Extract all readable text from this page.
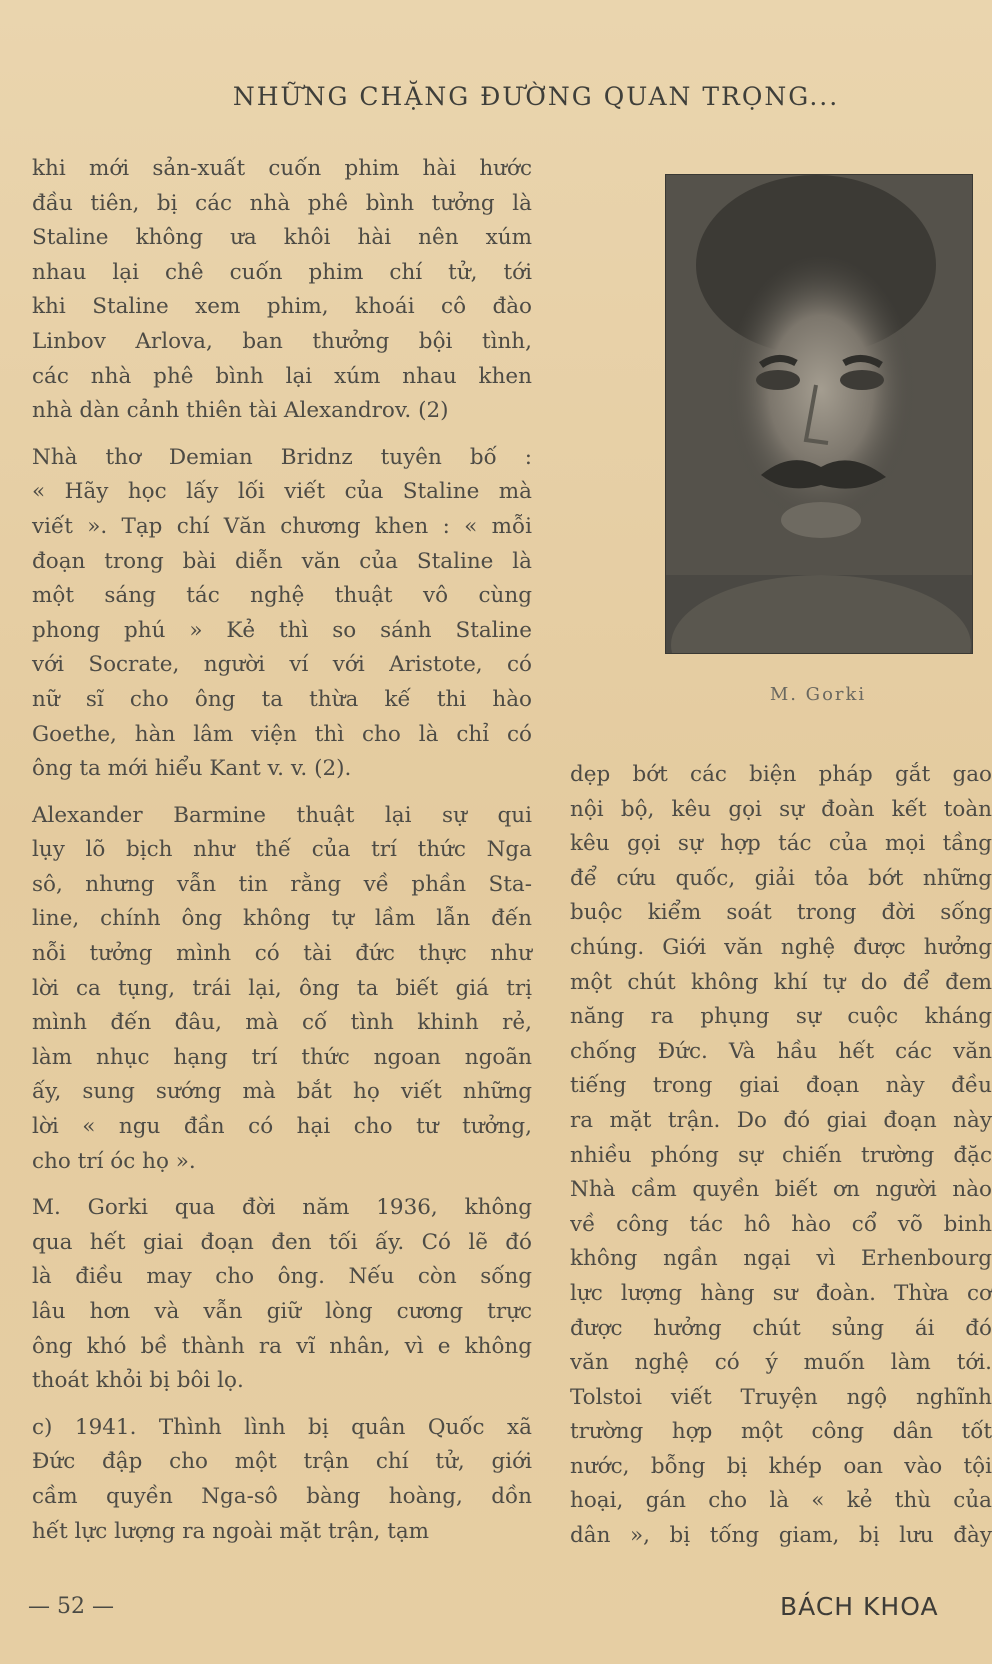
NHỮNG CHẶNG ĐƯỜNG QUAN TRỌNG...

khi mới sản-xuất cuốn phim hài hước
đầu tiên, bị các nhà phê bình tưởng là
Staline không ưa khôi hài nên xúm
nhau lại chê cuốn phim chí tử, tới
khi Staline xem phim, khoái cô đào
Linbov Arlova, ban thưởng bội tình,
các nhà phê bình lại xúm nhau khen
nhà dàn cảnh thiên tài Alexandrov. (2)

Nhà thơ Demian Bridnz tuyên bố :
« Hãy học lấy lối viết của Staline mà
viết ». Tạp chí Văn chương khen : « mỗi
đoạn trong bài diễn văn của Staline là
một sáng tác nghệ thuật vô cùng
phong phú » Kẻ thì so sánh Staline
với Socrate, người ví với Aristote, có
nữ sĩ cho ông ta thừa kế thi hào
Goethe, hàn lâm viện thì cho là chỉ có
ông ta mới hiểu Kant v. v. (2).

Alexander Barmine thuật lại sự qui
lụy lõ bịch như thế của trí thức Nga
sô, nhưng vẫn tin rằng về phần Sta-
line, chính ông không tự lầm lẫn đến
nỗi tưởng mình có tài đức thực như
lời ca tụng, trái lại, ông ta biết giá trị
mình đến đâu, mà cố tình khinh rẻ,
làm nhục hạng trí thức ngoan ngoãn
ấy, sung sướng mà bắt họ viết những
lời « ngu đần có hại cho tư tưởng,
cho trí óc họ ».

M. Gorki qua đời năm 1936, không
qua hết giai đoạn đen tối ấy. Có lẽ đó
là điều may cho ông. Nếu còn sống
lâu hơn và vẫn giữ lòng cương trực
ông khó bề thành ra vĩ nhân, vì e không
thoát khỏi bị bôi lọ.

c) 1941. Thình lình bị quân Quốc xã
Đức đập cho một trận chí tử, giới
cầm quyền Nga-sô bàng hoàng, dồn
hết lực lượng ra ngoài mặt trận, tạm

M. Gorki
dẹp bớt các biện pháp gắt gao
nội bộ, kêu gọi sự đoàn kết toàn
kêu gọi sự hợp tác của mọi tầng
để cứu quốc, giải tỏa bớt những
buộc kiểm soát trong đời sống
chúng. Giới văn nghệ được hưởng
một chút không khí tự do để đem
năng ra phụng sự cuộc kháng
chống Đức. Và hầu hết các văn
tiếng trong giai đoạn này đều
ra mặt trận. Do đó giai đoạn này
nhiều phóng sự chiến trường đặc
Nhà cầm quyền biết ơn người nào
về công tác hô hào cổ võ binh
không ngần ngại vì Erhenbourg
lực lượng hàng sư đoàn. Thừa cơ
được hưởng chút sủng ái đó
văn nghệ có ý muốn làm tới.
Tolstoi viết Truyện ngộ nghĩnh
trường hợp một công dân tốt
nước, bỗng bị khép oan vào tội
hoại, gán cho là « kẻ thù của
dân », bị tống giam, bị lưu đày
— 52 —	BÁCH KHOA
